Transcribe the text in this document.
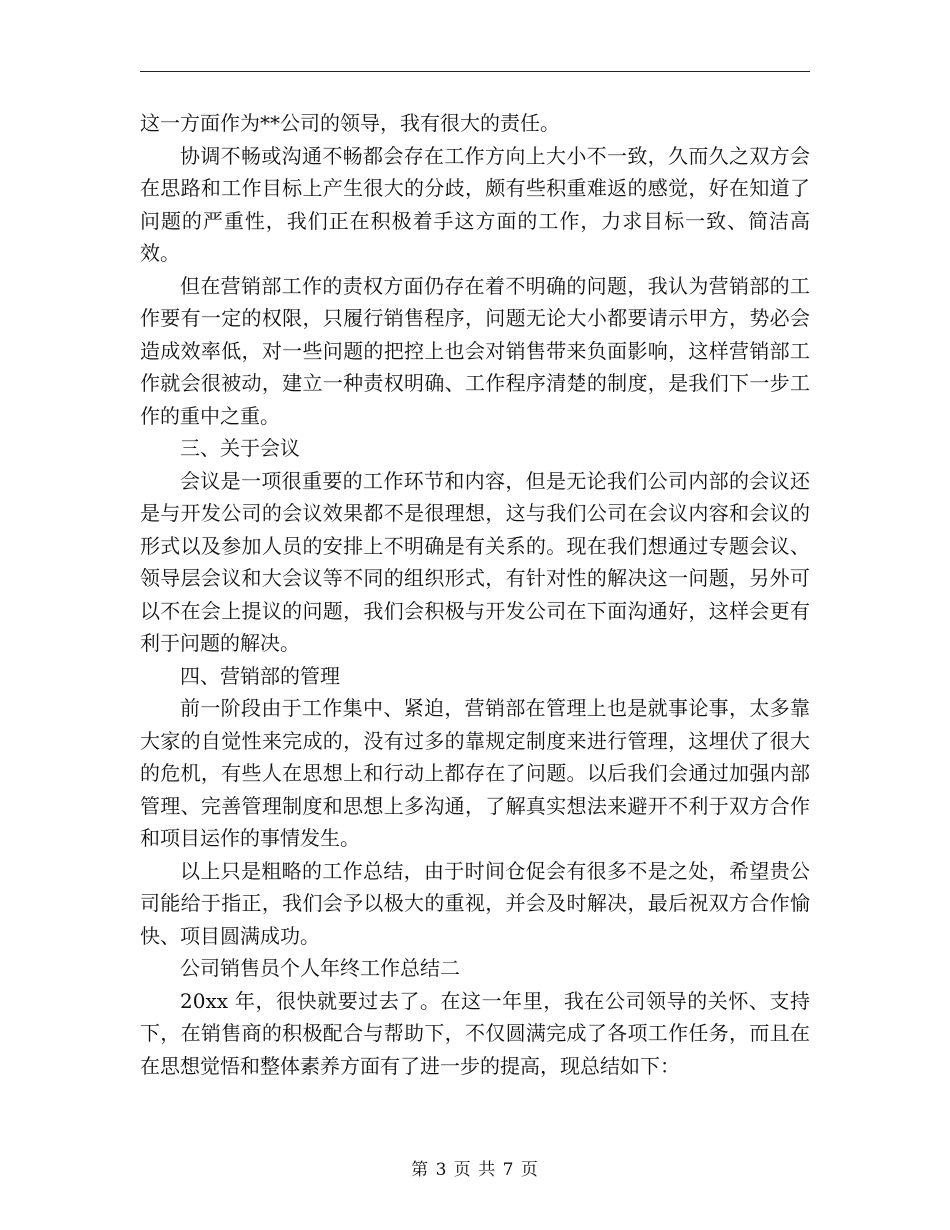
这一方面作为**公司的领导，我有很大的责任。

协调不畅或沟通不畅都会存在工作方向上大小不一致，久而久之双方会在思路和工作目标上产生很大的分歧，颇有些积重难返的感觉，好在知道了问题的严重性，我们正在积极着手这方面的工作，力求目标一致、简洁高效。

但在营销部工作的责权方面仍存在着不明确的问题，我认为营销部的工作要有一定的权限，只履行销售程序，问题无论大小都要请示甲方，势必会造成效率低，对一些问题的把控上也会对销售带来负面影响，这样营销部工作就会很被动，建立一种责权明确、工作程序清楚的制度，是我们下一步工作的重中之重。

三、关于会议

会议是一项很重要的工作环节和内容，但是无论我们公司内部的会议还是与开发公司的会议效果都不是很理想，这与我们公司在会议内容和会议的形式以及参加人员的安排上不明确是有关系的。现在我们想通过专题会议、领导层会议和大会议等不同的组织形式，有针对性的解决这一问题，另外可以不在会上提议的问题，我们会积极与开发公司在下面沟通好，这样会更有利于问题的解决。

四、营销部的管理

前一阶段由于工作集中、紧迫，营销部在管理上也是就事论事，太多靠大家的自觉性来完成的，没有过多的靠规定制度来进行管理，这埋伏了很大的危机，有些人在思想上和行动上都存在了问题。以后我们会通过加强内部管理、完善管理制度和思想上多沟通，了解真实想法来避开不利于双方合作和项目运作的事情发生。

以上只是粗略的工作总结，由于时间仓促会有很多不是之处，希望贵公司能给于指正，我们会予以极大的重视，并会及时解决，最后祝双方合作愉快、项目圆满成功。

公司销售员个人年终工作总结二

20xx 年，很快就要过去了。在这一年里，我在公司领导的关怀、支持下，在销售商的积极配合与帮助下，不仅圆满完成了各项工作任务，而且在在思想觉悟和整体素养方面有了进一步的提高，现总结如下：

第 3 页 共 7 页
